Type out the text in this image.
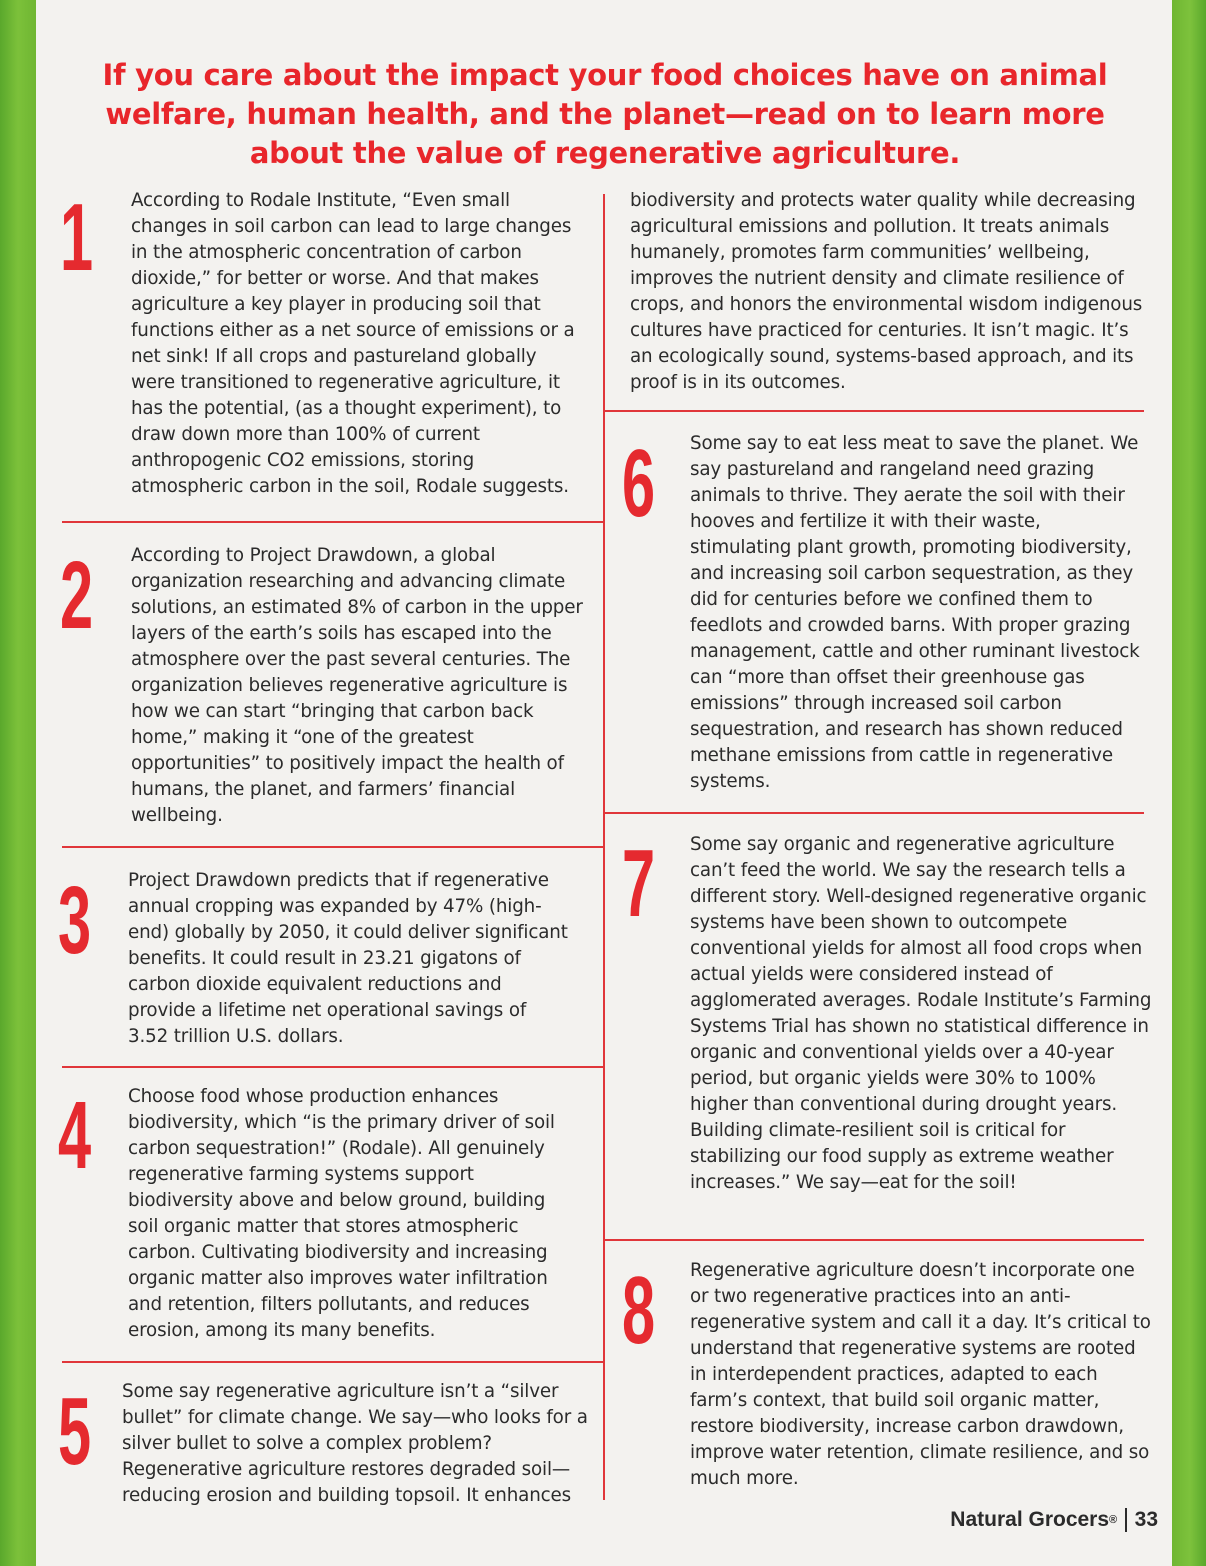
If you care about the impact your food choices have on animal welfare, human health, and the planet—read on to learn more about the value of regenerative agriculture.
1 According to Rodale Institute, “Even small changes in soil carbon can lead to large changes in the atmospheric concentration of carbon dioxide,” for better or worse. And that makes agriculture a key player in producing soil that functions either as a net source of emissions or a net sink! If all crops and pastureland globally were transitioned to regenerative agriculture, it has the potential, (as a thought experiment), to draw down more than 100% of current anthropogenic CO2 emissions, storing atmospheric carbon in the soil, Rodale suggests.
2 According to Project Drawdown, a global organization researching and advancing climate solutions, an estimated 8% of carbon in the upper layers of the earth’s soils has escaped into the atmosphere over the past several centuries. The organization believes regenerative agriculture is how we can start “bringing that carbon back home,” making it “one of the greatest opportunities” to positively impact the health of humans, the planet, and farmers’ financial wellbeing.
3 Project Drawdown predicts that if regenerative annual cropping was expanded by 47% (high-end) globally by 2050, it could deliver significant benefits. It could result in 23.21 gigatons of carbon dioxide equivalent reductions and provide a lifetime net operational savings of 3.52 trillion U.S. dollars.
4 Choose food whose production enhances biodiversity, which “is the primary driver of soil carbon sequestration!” (Rodale). All genuinely regenerative farming systems support biodiversity above and below ground, building soil organic matter that stores atmospheric carbon. Cultivating biodiversity and increasing organic matter also improves water infiltration and retention, filters pollutants, and reduces erosion, among its many benefits.
5 Some say regenerative agriculture isn’t a “silver bullet” for climate change. We say—who looks for a silver bullet to solve a complex problem? Regenerative agriculture restores degraded soil—reducing erosion and building topsoil. It enhances
biodiversity and protects water quality while decreasing agricultural emissions and pollution. It treats animals humanely, promotes farm communities’ wellbeing, improves the nutrient density and climate resilience of crops, and honors the environmental wisdom indigenous cultures have practiced for centuries. It isn’t magic. It’s an ecologically sound, systems-based approach, and its proof is in its outcomes.
6 Some say to eat less meat to save the planet. We say pastureland and rangeland need grazing animals to thrive. They aerate the soil with their hooves and fertilize it with their waste, stimulating plant growth, promoting biodiversity, and increasing soil carbon sequestration, as they did for centuries before we confined them to feedlots and crowded barns. With proper grazing management, cattle and other ruminant livestock can “more than offset their greenhouse gas emissions” through increased soil carbon sequestration, and research has shown reduced methane emissions from cattle in regenerative systems.
7 Some say organic and regenerative agriculture can’t feed the world. We say the research tells a different story. Well-designed regenerative organic systems have been shown to outcompete conventional yields for almost all food crops when actual yields were considered instead of agglomerated averages. Rodale Institute’s Farming Systems Trial has shown no statistical difference in organic and conventional yields over a 40-year period, but organic yields were 30% to 100% higher than conventional during drought years. Building climate-resilient soil is critical for stabilizing our food supply as extreme weather increases.” We say—eat for the soil!
8 Regenerative agriculture doesn’t incorporate one or two regenerative practices into an anti-regenerative system and call it a day. It’s critical to understand that regenerative systems are rooted in interdependent practices, adapted to each farm’s context, that build soil organic matter, restore biodiversity, increase carbon drawdown, improve water retention, climate resilience, and so much more.
Natural Grocers ® 33
